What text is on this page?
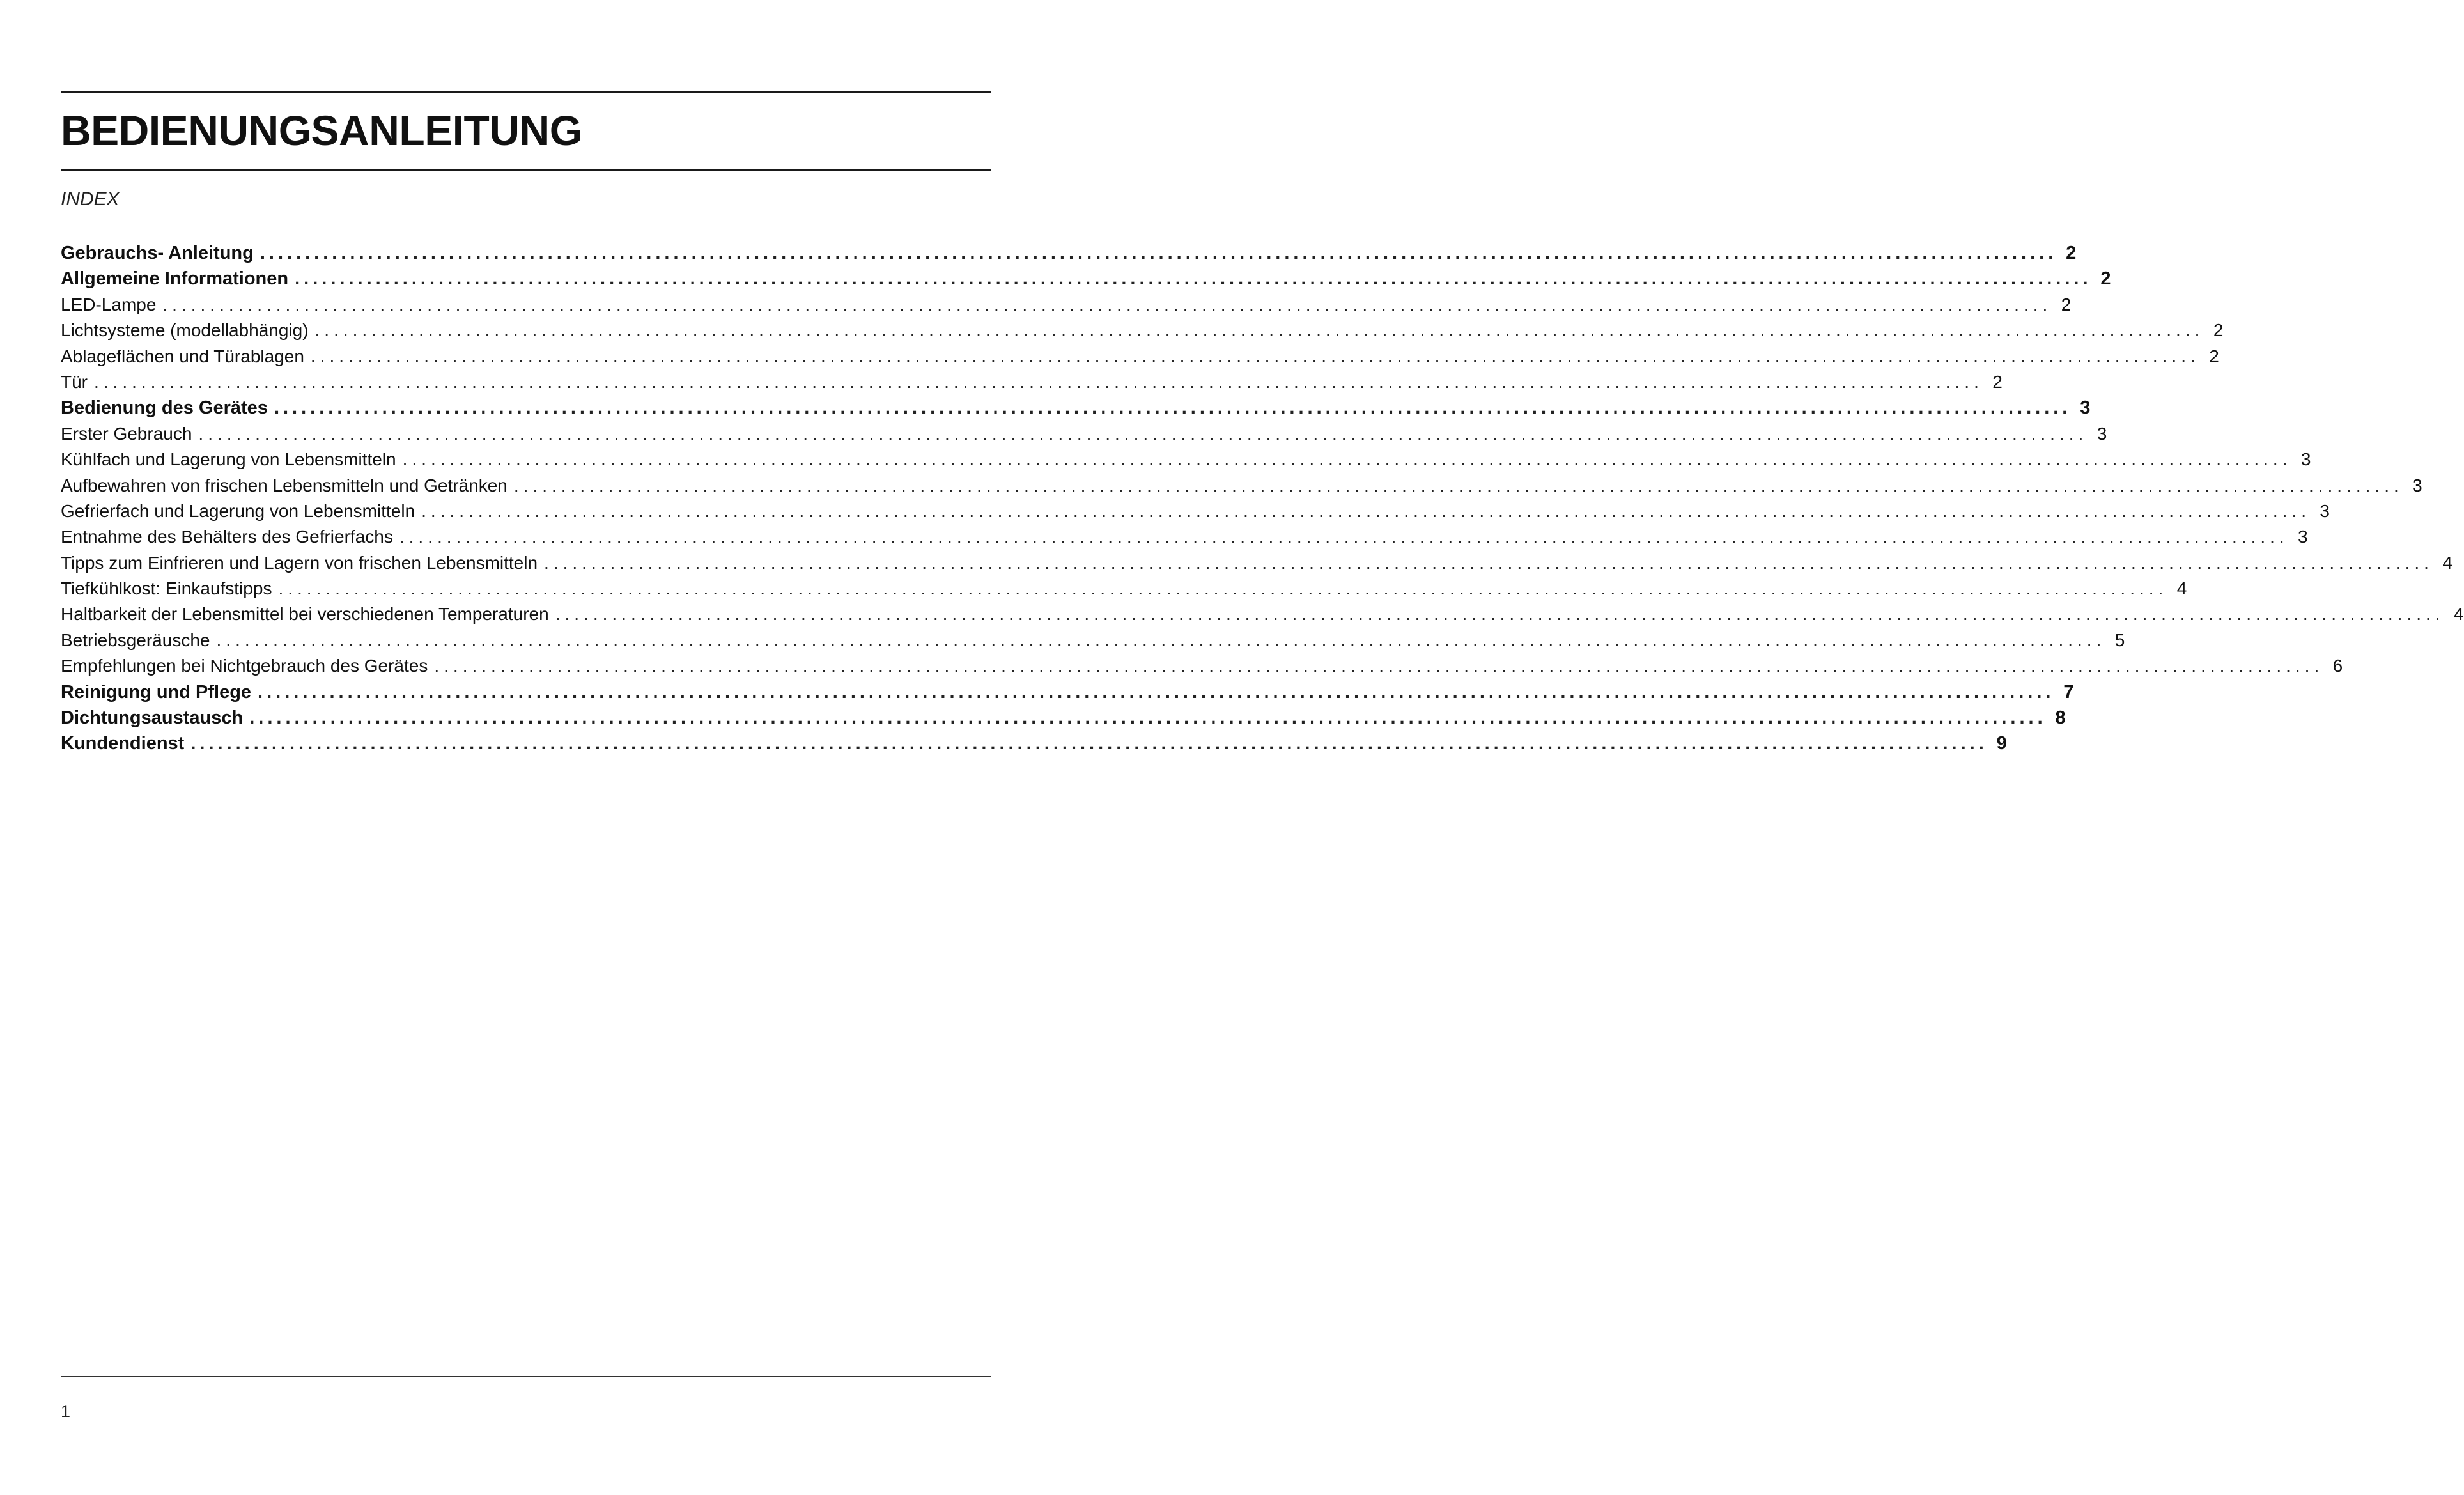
BEDIENUNGSANLEITUNG
INDEX
Gebrauchs- Anleitung ........................................................................................................................................................................................................ 2
Allgemeine Informationen ........................................................................................................................................................................................................ 2
LED-Lampe ........................................................................................................................................................................................................ 2
Lichtsysteme (modellabhängig) ........................................................................................................................................................................................................ 2
Ablageflächen und Türablagen ........................................................................................................................................................................................................ 2
Tür ........................................................................................................................................................................................................ 2
Bedienung des Gerätes ........................................................................................................................................................................................................ 3
Erster Gebrauch ........................................................................................................................................................................................................ 3
Kühlfach und Lagerung von Lebensmitteln ........................................................................................................................................................................................................ 3
Aufbewahren von frischen Lebensmitteln und Getränken ........................................................................................................................................................................................................ 3
Gefrierfach und Lagerung von Lebensmitteln ........................................................................................................................................................................................................ 3
Entnahme des Behälters des Gefrierfachs ........................................................................................................................................................................................................ 3
Tipps zum Einfrieren und Lagern von frischen Lebensmitteln ........................................................................................................................................................................................................ 4
Tiefkühlkost: Einkaufstipps ........................................................................................................................................................................................................ 4
Haltbarkeit der Lebensmittel bei verschiedenen Temperaturen ........................................................................................................................................................................................................ 4
Betriebsgeräusche ........................................................................................................................................................................................................ 5
Empfehlungen bei Nichtgebrauch des Gerätes ........................................................................................................................................................................................................ 6
Reinigung und Pflege ........................................................................................................................................................................................................ 7
Dichtungsaustausch ........................................................................................................................................................................................................ 8
Kundendienst ........................................................................................................................................................................................................ 9
1
